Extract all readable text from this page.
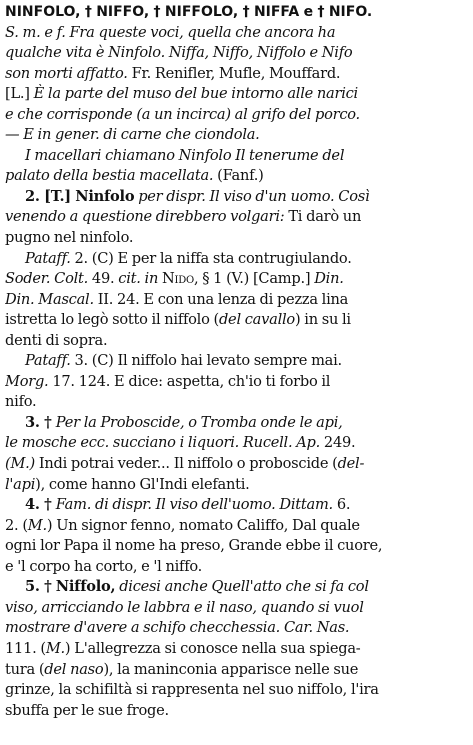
NINFOLO, † NIFFO, † NIFFOLO, † NIFFA e † NIFO.
S. m. e f. Fra queste voci, quella che ancora ha
qualche vita è Ninfolo. Niffa, Niffo, Niffolo e Nifo
son morti affatto. Fr. Renifler, Mufle, Mouffard.
[L.] È la parte del muso del bue intorno alle narici
e che corrisponde (a un incirca) al grifo del porco.
— E in gener. di carne che ciondola.
I macellari chiamano Ninfolo Il tenerume del
palato della bestia macellata. (Fanf.)
2. [T.] Ninfolo per dispr. Il viso d'un uomo. Così
venendo a questione direbbero volgari: Ti darò un
pugno nel ninfolo.
Pataff. 2. (C) E per la niffa sta contrugiulando.
Soder. Colt. 49. cit. in Nido, § 1 (V.) [Camp.] Din.
Din. Mascal. II. 24. E con una lenza di pezza lina
istretta lo legò sotto il niffolo (del cavallo) in su li
denti di sopra.
Pataff. 3. (C) Il niffolo hai levato sempre mai.
Morg. 17. 124. E dice: aspetta, ch'io ti forbo il
nifo.
3. † Per la Proboscide, o Tromba onde le api,
le mosche ecc. succiano i liquori. Rucell. Ap. 249.
(M.) Indi potrai veder... Il niffolo o proboscide (del-
l'api), come hanno Gl'Indi elefanti.
4. † Fam. di dispr. Il viso dell'uomo. Dittam. 6.
2. (M.) Un signor fenno, nomato Califfo, Dal quale
ogni lor Papa il nome ha preso, Grande ebbe il cuore,
e 'l corpo ha corto, e 'l niffo.
5. † Niffolo, dicesi anche Quell'atto che si fa col
viso, arricciando le labbra e il naso, quando si vuol
mostrare d'avere a schifo checchessia. Car. Nas.
111. (M.) L'allegrezza si conosce nella sua spiega-
tura (del naso), la maninconia apparisce nelle sue
grinze, la schifiltà si rappresenta nel suo niffolo, l'ira
sbuffa per le sue froge.
